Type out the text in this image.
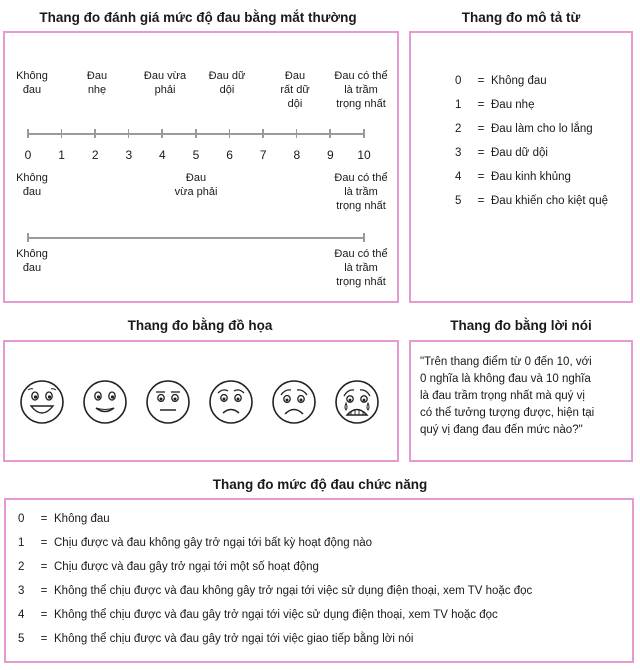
Thang đo đánh giá mức độ đau bằng mắt thường
Không
đau
Đau
nhẹ
Đau vừa
phải
Đau dữ
dội
Đau
rất dữ
dội
Đau có thể
là trầm
trọng nhất
0	1	2	3	4	5	6	7	8	9	10
Không
đau
Đau
vừa phải
Đau có thể
là trầm
trọng nhất
Không
đau
Đau có thể
là trầm
trọng nhất
Thang đo mô tả từ
0	= Không đau
1	= Đau nhẹ
2	= Đau làm cho lo lắng
3	= Đau dữ dội
4	= Đau kinh khủng
5	= Đau khiến cho kiệt quệ
Thang đo bằng đồ họa	Thang đo bằng lời nói
"Trên thang điểm từ 0 đến 10, với
0 nghĩa là không đau và 10 nghĩa
là đau trầm trọng nhất mà quý vị
có thể tưởng tượng được, hiện tại
quý vị đang đau đến mức nào?"
Thang đo mức độ đau chức năng
0	= Không đau
1	= Chịu được và đau không gây trở ngại tới bất kỳ hoạt động nào
2	= Chịu được và đau gây trở ngại tới một số hoạt động
3	= Không thể chịu được và đau không gây trở ngại tới việc sử dụng điện thoại, xem TV hoặc đọc
4	= Không thể chịu được và đau gây trở ngại tới việc sử dụng điện thoại, xem TV hoặc đọc
5	= Không thể chịu được và đau gây trở ngại tới việc giao tiếp bằng lời nói
